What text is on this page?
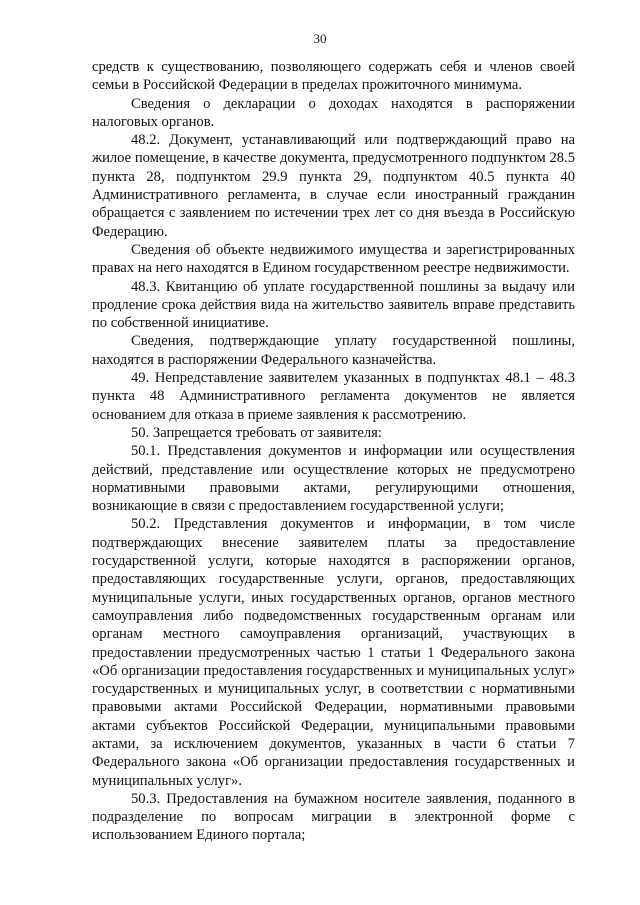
30

средств к существованию, позволяющего содержать себя и членов своей семьи в Российской Федерации в пределах прожиточного минимума.

Сведения о декларации о доходах находятся в распоряжении налоговых органов.

48.2. Документ, устанавливающий или подтверждающий право на жилое помещение, в качестве документа, предусмотренного подпунктом 28.5 пункта 28, подпунктом 29.9 пункта 29, подпунктом 40.5 пункта 40 Административного регламента, в случае если иностранный гражданин обращается с заявлением по истечении трех лет со дня въезда в Российскую Федерацию.

Сведения об объекте недвижимого имущества и зарегистрированных правах на него находятся в Едином государственном реестре недвижимости.

48.3. Квитанцию об уплате государственной пошлины за выдачу или продление срока действия вида на жительство заявитель вправе представить по собственной инициативе.

Сведения, подтверждающие уплату государственной пошлины, находятся в распоряжении Федерального казначейства.

49. Непредставление заявителем указанных в подпунктах 48.1 – 48.3 пункта 48 Административного регламента документов не является основанием для отказа в приеме заявления к рассмотрению.

50. Запрещается требовать от заявителя:

50.1. Представления документов и информации или осуществления действий, представление или осуществление которых не предусмотрено нормативными правовыми актами, регулирующими отношения, возникающие в связи с предоставлением государственной услуги;

50.2. Представления документов и информации, в том числе подтверждающих внесение заявителем платы за предоставление государственной услуги, которые находятся в распоряжении органов, предоставляющих государственные услуги, органов, предоставляющих муниципальные услуги, иных государственных органов, органов местного самоуправления либо подведомственных государственным органам или органам местного самоуправления организаций, участвующих в предоставлении предусмотренных частью 1 статьи 1 Федерального закона «Об организации предоставления государственных и муниципальных услуг» государственных и муниципальных услуг, в соответствии с нормативными правовыми актами Российской Федерации, нормативными правовыми актами субъектов Российской Федерации, муниципальными правовыми актами, за исключением документов, указанных в части 6 статьи 7 Федерального закона «Об организации предоставления государственных и муниципальных услуг».

50.3. Предоставления на бумажном носителе заявления, поданного в подразделение по вопросам миграции в электронной форме с использованием Единого портала;
